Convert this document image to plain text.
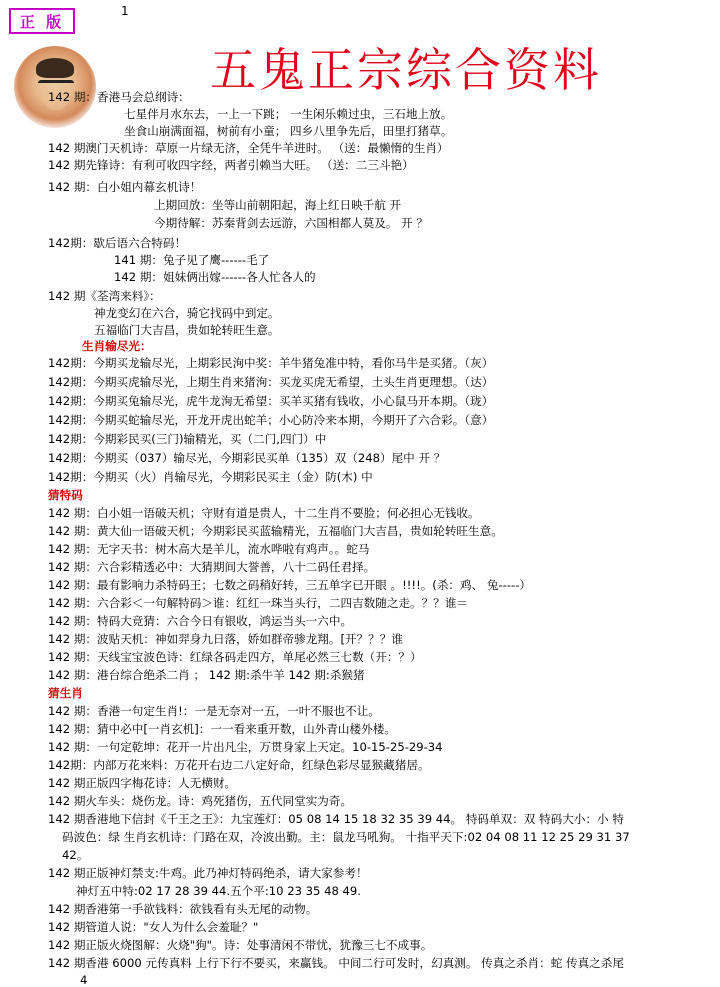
正 版
1
五鬼正宗综合资料
142 期：香港马会总纲诗：
七星伴月水东去，一上一下跳； 一生闲乐赖过虫，三石地上放。
坐食山崩满面福，树前有小童； 四乡八里争先后，田里打猪草。
142 期澳门天机诗：草原一片绿无济，全凭牛羊进时。 （送：最懒惰的生肖）
142 期先锋诗：有利可收四字经，两者引赖当大旺。 （送：二三斗艳）
142 期：白小姐内幕玄机诗！
上期回放：坐等山前朝阳起，海上红日映千航 开
今期待解：苏秦背剑去远游，六国相都人莫及。 开 ？
142期：歇后语六合特码！
141 期：兔子见了鹰------毛了
142 期：姐妹俩出嫁------各人忙各人的
142 期《荃湾来料》：
神龙变幻在六合，骑它找码中到定。
五福临门大吉昌，贵如轮转旺生意。
生肖输尽光：
142期：今期买龙输尽光，上期彩民洵中奖：羊牛猪兔准中特，看你马牛是买猪。（灰）
142期：今期买虎输尽光，上期生肖来猪洵：买龙买虎无希望，土头生肖更理想。（达）
142期：今期买兔输尽光，虎牛龙洵无希望：买羊买猪有钱收，小心鼠马开本期。（珑）
142期：今期买蛇输尽光，开龙开虎出蛇羊；小心防冷来本期，今期开了六合彩。（意）
142期：今期彩民买(三门)输精光，买（二门,四门）中
142期：今期买（037）输尽光，今期彩民买单（135）双（248）尾中 开 ？
142期：今期买（火）肖输尽光，今期彩民买主（金）防(木) 中
猜特码
142 期：白小姐一语破天机；守财有道是贵人，十二生肖不要脸；何必担心无钱收。
142 期：黄大仙一语破天机；今期彩民买蓝输精光，五福临门大吉昌，贵如轮转旺生意。
142 期：无字天书：树木高大是羊儿，流水哗啦有鸡声。。蛇马
142 期：六合彩精透必中：大猜期间大誉善，八十二码任君择。
142 期：最有影响力杀特码王；七数之码稍好转，三五单字已开眼 。!!!!。(杀：鸡、 兔-----）
142 期：六合彩＜一句解特码＞谁：红红一珠当头行，二四吉数随之走。？？谁＝
142 期：特码大竞猜：六合今日有银收，鸿运当头一六中。
142 期：波贴天机：神如羿身九日落，娇如群帝骖龙翔。[开？？？谁
142 期：天线宝宝波色诗：红绿各码走四方，单尾必然三七数（开：？）
142 期：港台综合绝杀二肖 ； 142 期:杀牛羊 142 期:杀猴猪
猜生肖
142 期：香港一句定生肖!：一是无奈对一五，一叶不服也不让。
142 期：猜中必中[一肖玄机]：一一看来重开数，山外青山楼外楼。
142 期：一句定乾坤：花开一片出凡尘，万贯身家上天定。10-15-25-29-34
142期：内部万花来料：万花开右边二八定好命，红绿色彩尽显猴藏猪居。
142 期正版四字梅花诗：人无横财。
142 期火车头：烧伤龙。诗：鸡死猪伤，五代同堂实为奇。
142 期香港地下信封《千王之王》：九宝莲灯：05 08 14 15 18 32 35 39 44。 特码单双：双 特码大小：小 特
码波色：绿 生肖玄机诗：门路在双，冷波出勤。主：鼠龙马吼狗。 十指平天下:02 04 08 11 12 25 29 31 37
42。
142 期正版神灯禁支:牛鸡。此乃神灯特码绝杀，请大家参考！
神灯五中特:02 17 28 39 44.五个平:10 23 35 48 49.
142 期香港第一手欲钱料：欲钱看有头无尾的动物。
142 期管道人说："女人为什么会羞耻？"
142 期正版火烧图解：火烧"狗"。诗：处事清闲不带忧，犹豫三七不成事。
142 期香港 6000 元传真料 上行下行不要买，来赢钱。 中间二行可发时，幻真测。 传真之杀肖：蛇 传真之杀尾
4
